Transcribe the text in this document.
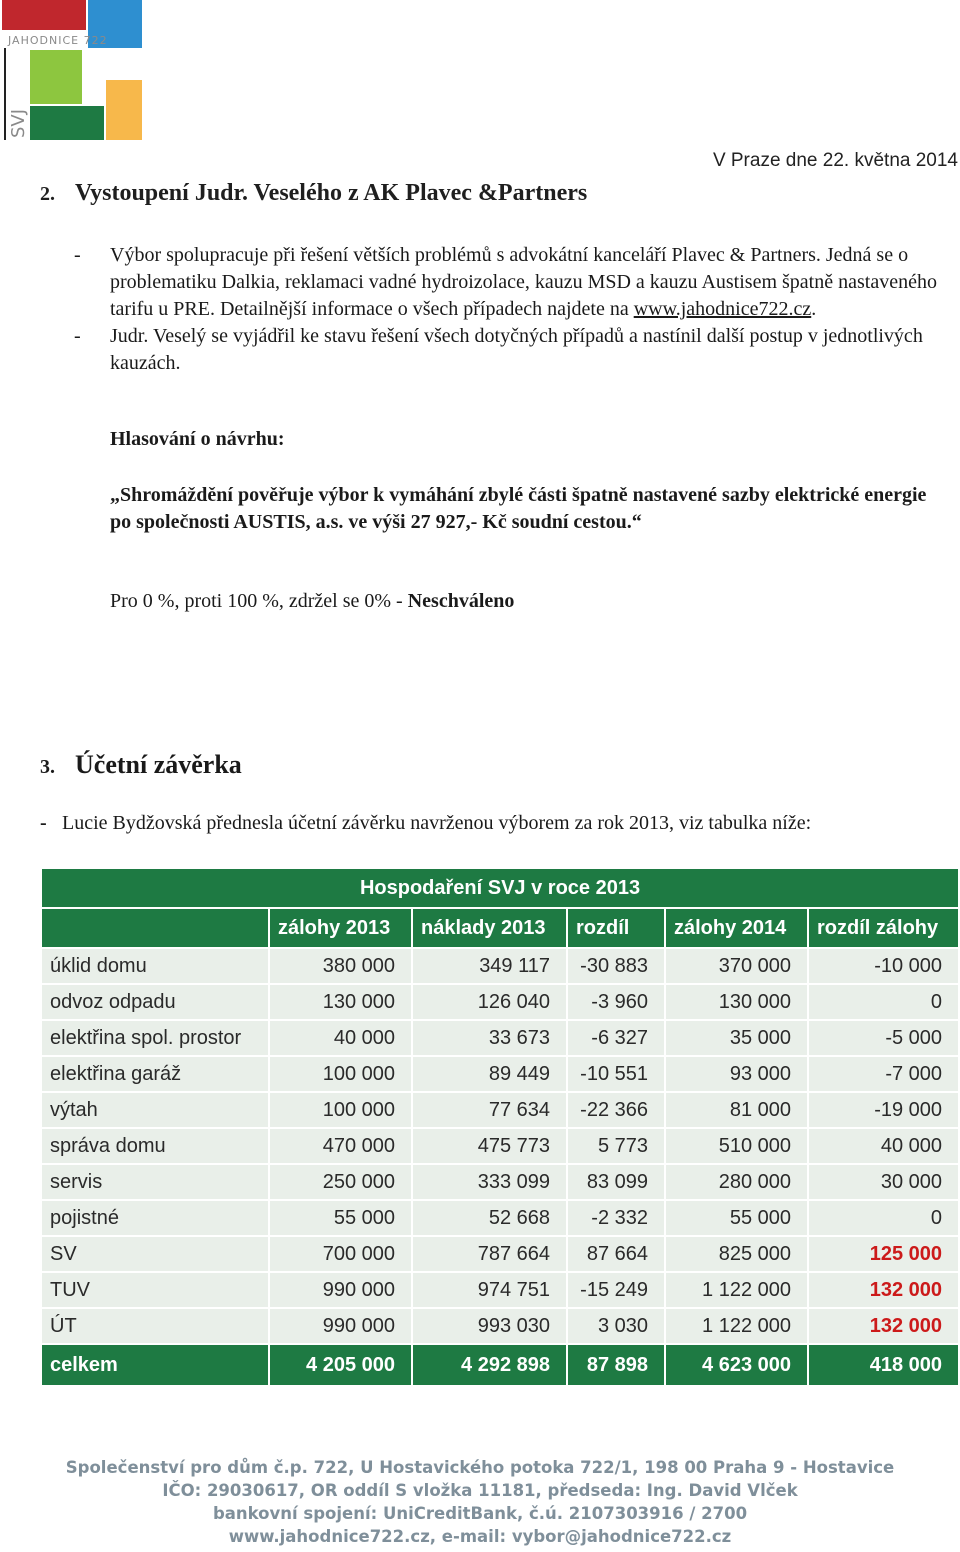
JAHODNICE 722
SVJ
V Praze dne 22. května 2014
2. Vystoupení Judr. Veselého z AK Plavec &Partners
- Výbor spolupracuje při řešení větších problémů s advokátní kanceláří Plavec & Partners. Jedná se o problematiku Dalkia, reklamaci vadné hydroizolace, kauzu MSD a kauzu Austisem špatně nastaveného tarifu u PRE. Detailnější informace o všech případech najdete na www.jahodnice722.cz.
- Judr. Veselý se vyjádřil ke stavu řešení všech dotyčných případů a nastínil další postup v jednotlivých kauzách.
Hlasování o návrhu:
„Shromáždění pověřuje výbor k vymáhání zbylé části špatně nastavené sazby elektrické energie po společnosti AUSTIS, a.s. ve výši 27 927,- Kč soudní cestou.“
Pro 0 %, proti 100 %, zdržel se 0% - Neschváleno
3. Účetní závěrka
- Lucie Bydžovská přednesla účetní závěrku navrženou výborem za rok 2013, viz tabulka níže:
Hospodaření SVJ v roce 2013					
	zálohy 2013	náklady 2013	rozdíl	zálohy 2014	rozdíl zálohy
úklid domu	380 000	349 117	-30 883	370 000	-10 000
odvoz odpadu	130 000	126 040	-3 960	130 000	0
elektřina spol. prostor	40 000	33 673	-6 327	35 000	-5 000
elektřina garáž	100 000	89 449	-10 551	93 000	-7 000
výtah	100 000	77 634	-22 366	81 000	-19 000
správa domu	470 000	475 773	5 773	510 000	40 000
servis	250 000	333 099	83 099	280 000	30 000
pojistné	55 000	52 668	-2 332	55 000	0
SV	700 000	787 664	87 664	825 000	125 000
TUV	990 000	974 751	-15 249	1 122 000	132 000
ÚT	990 000	993 030	3 030	1 122 000	132 000
celkem	4 205 000	4 292 898	87 898	4 623 000	418 000
Společenství pro dům č.p. 722, U Hostavického potoka 722/1, 198 00 Praha 9 - Hostavice
IČO: 29030617, OR oddíl S vložka 11181, předseda: Ing. David Vlček
bankovní spojení: UniCreditBank, č.ú. 2107303916 / 2700
www.jahodnice722.cz, e-mail: vybor@jahodnice722.cz
